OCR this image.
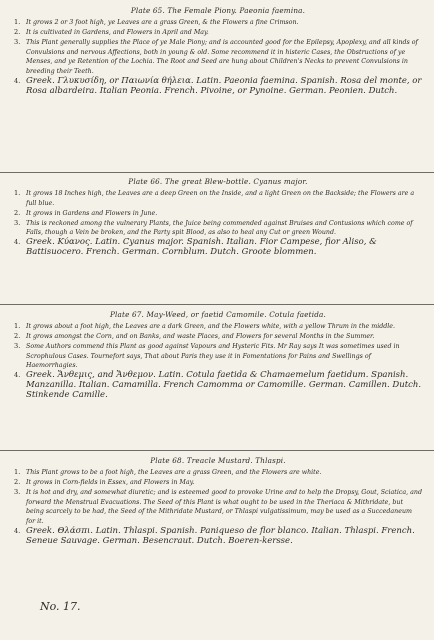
Plate 65. The Female Piony. Paeonia faemina.
1. It grows 2 or 3 foot high, ye Leaves are a grass Green, & the Flowers a fine Crimson.
2. It is cultivated in Gardens, and Flowers in April and May.
3. This Plant generally supplies the Place of ye Male Piony; and is accounted good for the Epilepsy, Apoplexy, and all kinds of Convulsions and nervous Affections, both in young & old. Some recommend it in histeric Cases, the Obstructions of ye Menses, and ye Retention of the Lochia. The Root and Seed are hung about Children's Necks to prevent Convulsions in breeding their Teeth.
4. Greek. Γλυκυσίδη, or Παιωνία θήλεια. Latin. Paeonia faemina. Spanish. Rosa del monte, or Rosa albardeira. Italian Peonia. French. Pivoine, or Pynoine. German. Peonien. Dutch.
Plate 66. The great Blew-bottle. Cyanus major.
1. It grows 18 Inches high, the Leaves are a deep Green on the Inside, and a light Green on the Backside; the Flowers are a full blue.
2. It grows in Gardens and Flowers in June.
3. This is reckoned among the vulnerary Plants, the Juice being commended against Bruises and Contusions which come of Falls, though a Vein be broken, and the Party spit Blood, as also to heal any Cut or green Wound.
4. Greek. Κύανος. Latin. Cyanus major. Spanish. Italian. Fior Campese, fior Aliso, & Battisuocero. French. German. Cornblum. Dutch. Groote blommen.
Plate 67. May-Weed, or faetid Camomile. Cotula faetida.
1. It grows about a foot high, the Leaves are a dark Green, and the Flowers white, with a yellow Thrum in the middle.
2. It grows amongst the Corn, and on Banks, and waste Places, and Flowers for several Months in the Summer.
3. Some Authors commend this Plant as good against Vapours and Hysteric Fits. Mr Ray says It was sometimes used in Scrophulous Cases. Tournefort says, That about Paris they use it in Fomentations for Pains and Swellings of Haemorrhagies.
4. Greek. Ἄνθεμις, and Ἄνθεμον. Latin. Cotula faetida & Chamaemelum faetidum. Spanish. Manzanilla. Italian. Camamilla. French Camomma or Camomille. German. Camillen. Dutch. Stinkende Camille.
Plate 68. Treacle Mustard. Thlaspi.
1. This Plant grows to be a foot high, the Leaves are a grass Green, and the Flowers are white.
2. It grows in Corn-fields in Essex, and Flowers in May.
3. It is hot and dry, and somewhat diuretic; and is esteemed good to provoke Urine and to help the Dropsy, Gout, Sciatica, and forward the Menstrual Evacuations. The Seed of this Plant is what ought to be used in the Theriaca & Mithridate, but being scarcely to be had, the Seed of the Mithridate Mustard, or Thlaspi vulgatissimum, may be used as a Succedaneum for it.
4. Greek. Θλάσπι. Latin. Thlaspi. Spanish. Paniqueso de flor blanco. Italian. Thlaspi. French. Seneue Sauvage. German. Besencraut. Dutch. Boeren-kersse.
No. 17.
